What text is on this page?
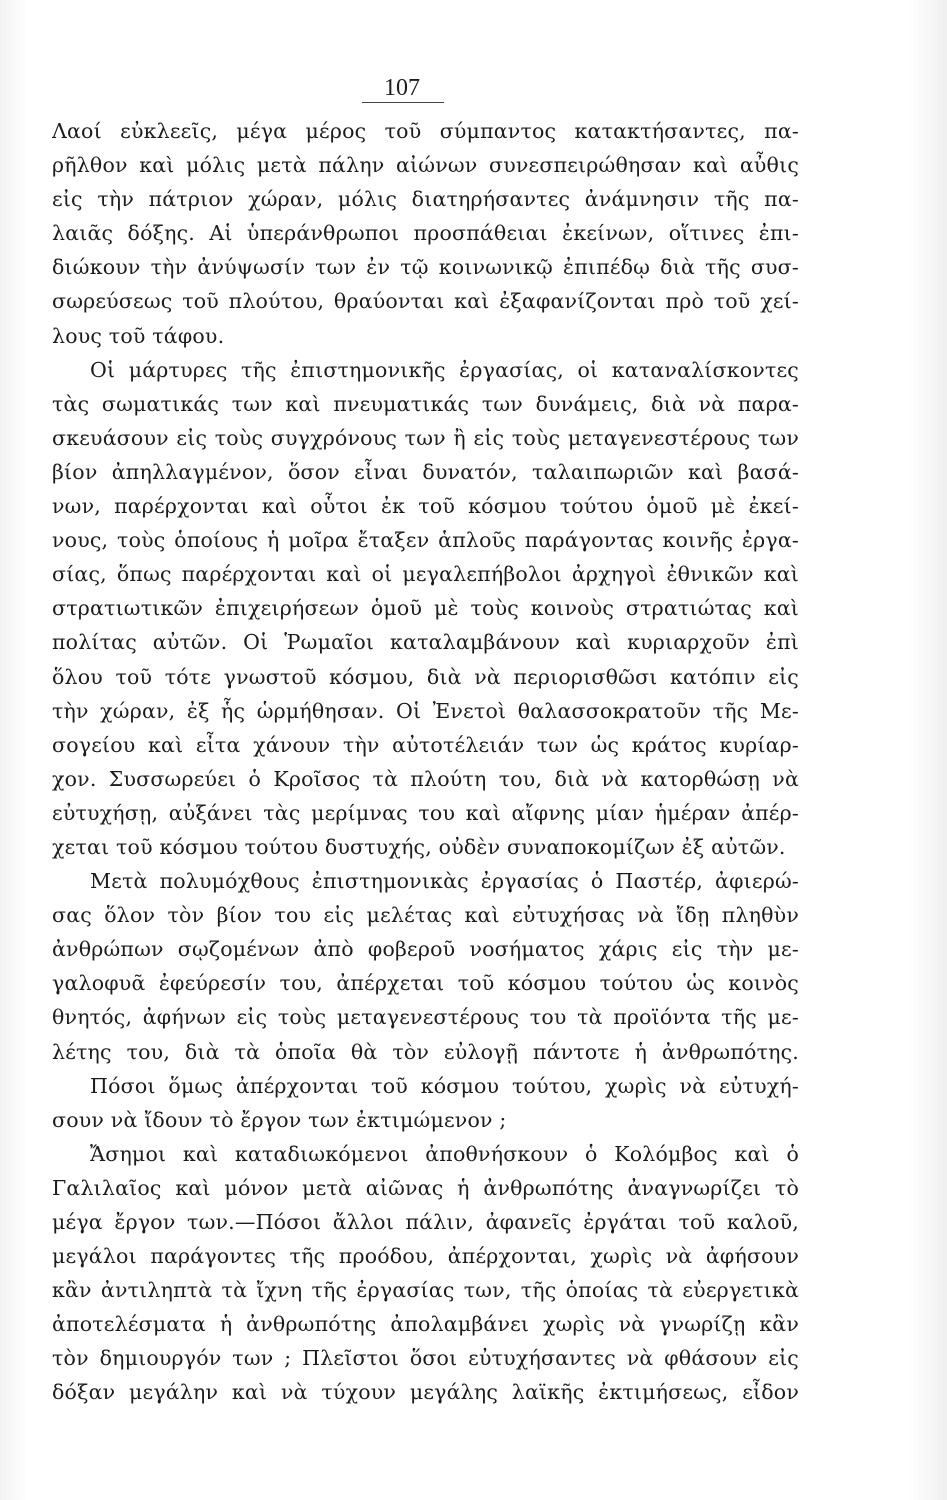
107
Λαοί εὐκλεεῖς, μέγα μέρος τοῦ σύμπαντος κατακτήσαντες, πα-
ρῆλθον καὶ μόλις μετὰ πάλην αἰώνων συνεσπειρώθησαν καὶ αὖθις
εἰς τὴν πάτριον χώραν, μόλις διατηρήσαντες ἀνάμνησιν τῆς πα-
λαιᾶς δόξης. Αἱ ὑπεράνθρωποι προσπάθειαι ἐκείνων, οἵτινες ἐπι-
διώκουν τὴν ἀνύψωσίν των ἐν τῷ κοινωνικῷ ἐπιπέδῳ διὰ τῆς συσ-
σωρεύσεως τοῦ πλούτου, θραύονται καὶ ἐξαφανίζονται πρὸ τοῦ χεί-
λους τοῦ τάφου.
Οἱ μάρτυρες τῆς ἐπιστημονικῆς ἐργασίας, οἱ καταναλίσκοντες
τὰς σωματικάς των καὶ πνευματικάς των δυνάμεις, διὰ νὰ παρα-
σκευάσουν εἰς τοὺς συγχρόνους των ἢ εἰς τοὺς μεταγενεστέρους των
βίον ἀπηλλαγμένον, ὅσον εἶναι δυνατόν, ταλαιπωριῶν καὶ βασά-
νων, παρέρχονται καὶ οὗτοι ἐκ τοῦ κόσμου τούτου ὁμοῦ μὲ ἐκεί-
νους, τοὺς ὁποίους ἡ μοῖρα ἔταξεν ἁπλοῦς παράγοντας κοινῆς ἐργα-
σίας, ὅπως παρέρχονται καὶ οἱ μεγαλεπήβολοι ἀρχηγοὶ ἐθνικῶν καὶ
στρατιωτικῶν ἐπιχειρήσεων ὁμοῦ μὲ τοὺς κοινοὺς στρατιώτας καὶ
πολίτας αὐτῶν. Οἱ Ῥωμαῖοι καταλαμβάνουν καὶ κυριαρχοῦν ἐπὶ
ὅλου τοῦ τότε γνωστοῦ κόσμου, διὰ νὰ περιορισθῶσι κατόπιν εἰς
τὴν χώραν, ἐξ ἧς ὡρμήθησαν. Οἱ Ἐνετοὶ θαλασσοκρατοῦν τῆς Με-
σογείου καὶ εἶτα χάνουν τὴν αὐτοτέλειάν των ὡς κράτος κυρίαρ-
χον. Συσσωρεύει ὁ Κροῖσος τὰ πλούτη του, διὰ νὰ κατορθώσῃ νὰ
εὐτυχήσῃ, αὐξάνει τὰς μερίμνας του καὶ αἴφνης μίαν ἡμέραν ἀπέρ-
χεται τοῦ κόσμου τούτου δυστυχής, οὐδὲν συναποκομίζων ἐξ αὐτῶν.
Μετὰ πολυμόχθους ἐπιστημονικὰς ἐργασίας ὁ Παστέρ, ἀφιερώ-
σας ὅλον τὸν βίον του εἰς μελέτας καὶ εὐτυχήσας νὰ ἴδῃ πληθὺν
ἀνθρώπων σῳζομένων ἀπὸ φοβεροῦ νοσήματος χάρις εἰς τὴν με-
γαλοφυᾶ ἐφεύρεσίν του, ἀπέρχεται τοῦ κόσμου τούτου ὡς κοινὸς
θνητός, ἀφήνων εἰς τοὺς μεταγενεστέρους του τὰ προϊόντα τῆς με-
λέτης του, διὰ τὰ ὁποῖα θὰ τὸν εὐλογῇ πάντοτε ἡ ἀνθρωπότης.
Πόσοι ὅμως ἀπέρχονται τοῦ κόσμου τούτου, χωρὶς νὰ εὐτυχή-
σουν νὰ ἴδουν τὸ ἔργον των ἐκτιμώμενον ;
Ἄσημοι καὶ καταδιωκόμενοι ἀποθνήσκουν ὁ Κολόμβος καὶ ὁ
Γαλιλαῖος καὶ μόνον μετὰ αἰῶνας ἡ ἀνθρωπότης ἀναγνωρίζει τὸ
μέγα ἔργον των.—Πόσοι ἄλλοι πάλιν, ἀφανεῖς ἐργάται τοῦ καλοῦ,
μεγάλοι παράγοντες τῆς προόδου, ἀπέρχονται, χωρὶς νὰ ἀφήσουν
κἂν ἀντιληπτὰ τὰ ἴχνη τῆς ἐργασίας των, τῆς ὁποίας τὰ εὐεργετικὰ
ἀποτελέσματα ἡ ἀνθρωπότης ἀπολαμβάνει χωρὶς νὰ γνωρίζῃ κἂν
τὸν δημιουργόν των ; Πλεῖστοι ὅσοι εὐτυχήσαντες νὰ φθάσουν εἰς
δόξαν μεγάλην καὶ νὰ τύχουν μεγάλης λαϊκῆς ἐκτιμήσεως, εἶδον
